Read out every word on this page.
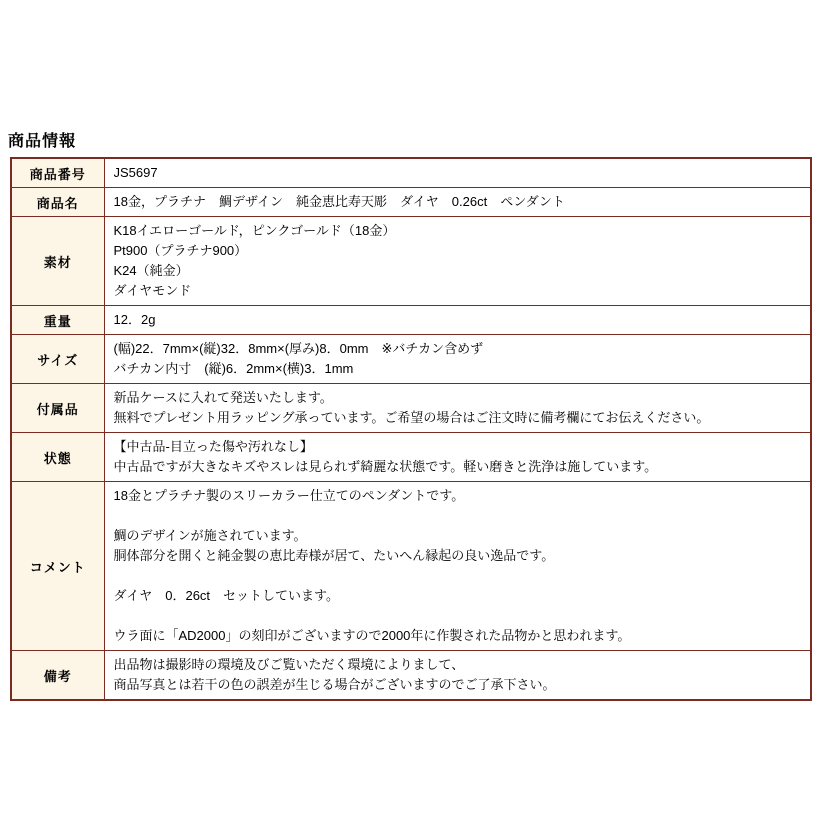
商品情報
商品番号	JS5697

商品名	18金，プラチナ　鯛デザイン　純金恵比寿天彫　ダイヤ　0.26ct　ペンダント

素材	K18イエローゴールド，ピンクゴールド（18金）
Pt900（プラチナ900）
K24（純金）
ダイヤモンド

重量	12．2g

サイズ	(幅)22．7mm×(縦)32．8mm×(厚み)8．0mm　※バチカン含めず
バチカン内寸　(縦)6．2mm×(横)3．1mm

付属品	新品ケースに入れて発送いたします。
無料でプレゼント用ラッピング承っています。ご希望の場合はご注文時に備考欄にてお伝えください。

状態	【中古品-目立った傷や汚れなし】
中古品ですが大きなキズやスレは見られず綺麗な状態です。軽い磨きと洗浄は施しています。

コメント	18金とプラチナ製のスリーカラー仕立てのペンダントです。

鯛のデザインが施されています。
胴体部分を開くと純金製の恵比寿様が居て、たいへん縁起の良い逸品です。

ダイヤ　0．26ct　セットしています。

ウラ面に「AD2000」の刻印がございますので2000年に作製された品物かと思われます。

備考	出品物は撮影時の環境及びご覧いただく環境によりまして、
商品写真とは若干の色の誤差が生じる場合がございますのでご了承下さい。
